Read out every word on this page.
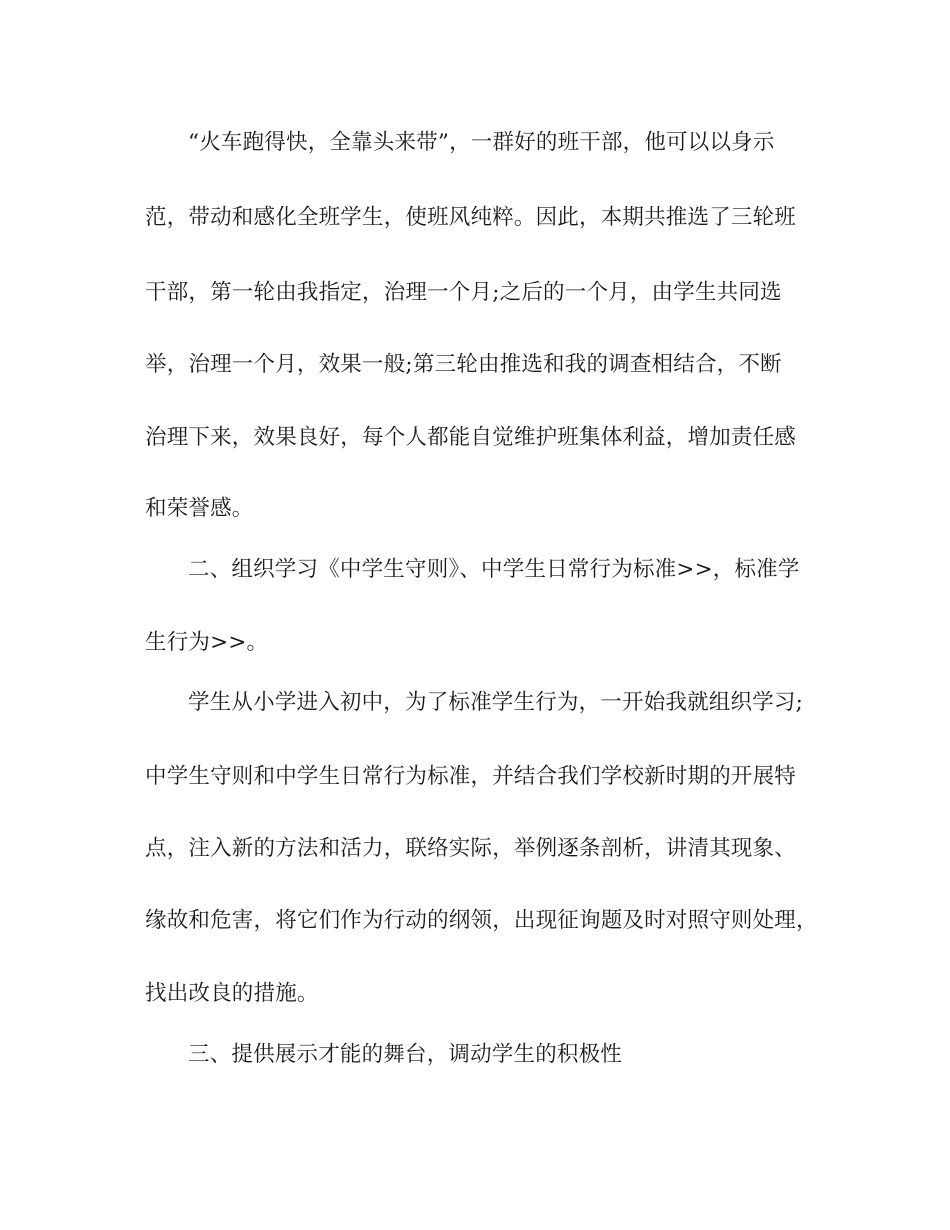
“火车跑得快，全靠头来带”，一群好的班干部，他可以以身示
范，带动和感化全班学生，使班风纯粹。因此，本期共推选了三轮班
干部，第一轮由我指定，治理一个月;之后的一个月，由学生共同选
举，治理一个月，效果一般;第三轮由推选和我的调查相结合，不断
治理下来，效果良好，每个人都能自觉维护班集体利益，增加责任感
和荣誉感。
二、组织学习《中学生守则》、中学生日常行为标准>>，标准学
生行为>>。
学生从小学进入初中，为了标准学生行为，一开始我就组织学习;
中学生守则和中学生日常行为标准，并结合我们学校新时期的开展特
点，注入新的方法和活力，联络实际，举例逐条剖析，讲清其现象、
缘故和危害，将它们作为行动的纲领，出现征询题及时对照守则处理，
找出改良的措施。
三、提供展示才能的舞台，调动学生的积极性
